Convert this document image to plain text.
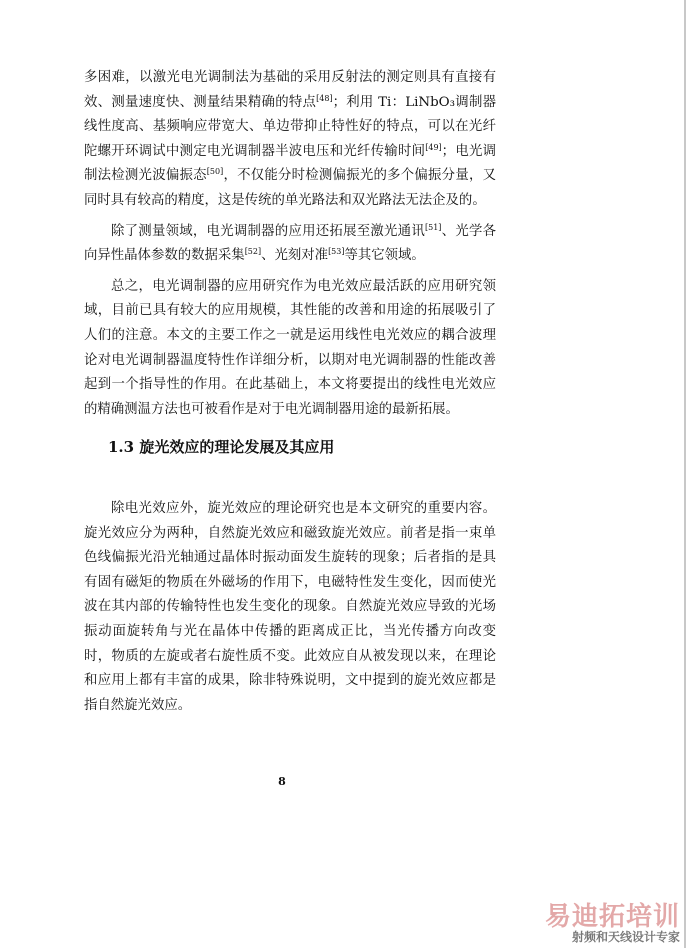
多困难，以激光电光调制法为基础的采用反射法的测定则具有直接有效、测量速度快、测量结果精确的特点[48]；利用 Ti：LiNbO₃调制器线性度高、基频响应带宽大、单边带抑止特性好的特点，可以在光纤陀螺开环调试中测定电光调制器半波电压和光纤传输时间[49]；电光调制法检测光波偏振态[50]，不仅能分时检测偏振光的多个偏振分量，又同时具有较高的精度，这是传统的单光路法和双光路法无法企及的。

除了测量领域，电光调制器的应用还拓展至激光通讯[51]、光学各向异性晶体参数的数据采集[52]、光刻对准[53]等其它领域。

总之，电光调制器的应用研究作为电光效应最活跃的应用研究领域，目前已具有较大的应用规模，其性能的改善和用途的拓展吸引了人们的注意。本文的主要工作之一就是运用线性电光效应的耦合波理论对电光调制器温度特性作详细分析，以期对电光调制器的性能改善起到一个指导性的作用。在此基础上，本文将要提出的线性电光效应的精确测温方法也可被看作是对于电光调制器用途的最新拓展。

1.3 旋光效应的理论发展及其应用

除电光效应外，旋光效应的理论研究也是本文研究的重要内容。旋光效应分为两种，自然旋光效应和磁致旋光效应。前者是指一束单色线偏振光沿光轴通过晶体时振动面发生旋转的现象；后者指的是具有固有磁矩的物质在外磁场的作用下，电磁特性发生变化，因而使光波在其内部的传输特性也发生变化的现象。自然旋光效应导致的光场振动面旋转角与光在晶体中传播的距离成正比，当光传播方向改变时，物质的左旋或者右旋性质不变。此效应自从被发现以来，在理论和应用上都有丰富的成果，除非特殊说明，文中提到的旋光效应都是指自然旋光效应。

8
易迪拓培训
射频和天线设计专家
